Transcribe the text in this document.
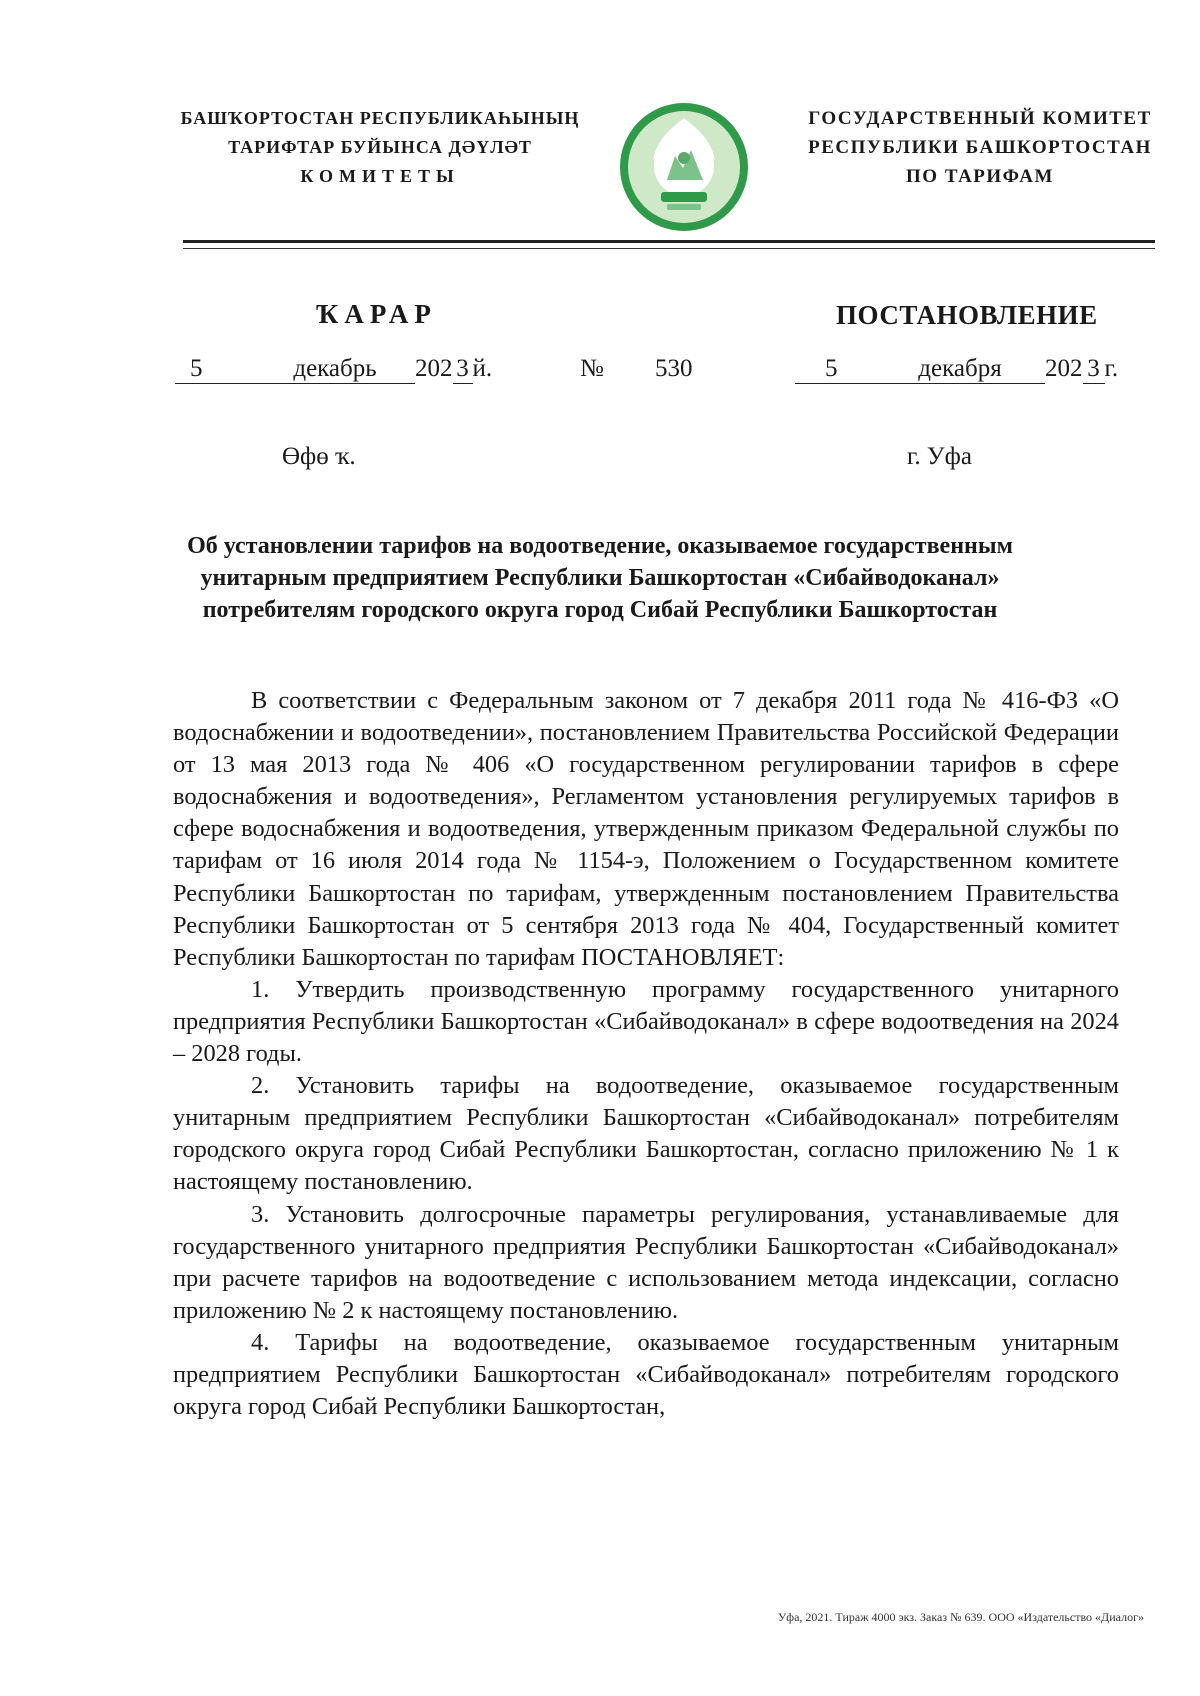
БАШҠОРТОСТАН РЕСПУБЛИКАҺЫНЫҢ
ТАРИФТАР БУЙЫНСА ДӘҮЛӘТ
КОМИТЕТЫ
ГОСУДАРСТВЕННЫЙ КОМИТЕТ
РЕСПУБЛИКИ БАШКОРТОСТАН
ПО ТАРИФАМ
ҠАРАР	ПОСТАНОВЛЕНИЕ
5	декабрь 202 3 й.	№ 530	5	декабря 202 3 г.
Өфө ҡ.	г. Уфа
Об установлении тарифов на водоотведение, оказываемое государственным унитарным предприятием Республики Башкортостан «Сибайводоканал» потребителям городского округа город Сибай Республики Башкортостан

В соответствии с Федеральным законом от 7 декабря 2011 года № 416-ФЗ «О водоснабжении и водоотведении», постановлением Правительства Российской Федерации от 13 мая 2013 года № 406 «О государственном регулировании тарифов в сфере водоснабжения и водоотведения», Регламентом установления регулируемых тарифов в сфере водоснабжения и водоотведения, утвержденным приказом Федеральной службы по тарифам от 16 июля 2014 года № 1154-э, Положением о Государственном комитете Республики Башкортостан по тарифам, утвержденным постановлением Правительства Республики Башкортостан от 5 сентября 2013 года № 404, Государственный комитет Республики Башкортостан по тарифам ПОСТАНОВЛЯЕТ:

1. Утвердить производственную программу государственного унитарного предприятия Республики Башкортостан «Сибайводоканал» в сфере водоотведения на 2024 – 2028 годы.

2. Установить тарифы на водоотведение, оказываемое государственным унитарным предприятием Республики Башкортостан «Сибайводоканал» потребителям городского округа город Сибай Республики Башкортостан, согласно приложению № 1 к настоящему постановлению.

3. Установить долгосрочные параметры регулирования, устанавливаемые для государственного унитарного предприятия Республики Башкортостан «Сибайводоканал» при расчете тарифов на водоотведение с использованием метода индексации, согласно приложению № 2 к настоящему постановлению.

4. Тарифы на водоотведение, оказываемое государственным унитарным предприятием Республики Башкортостан «Сибайводоканал» потребителям городского округа город Сибай Республики Башкортостан,

Уфа, 2021. Тираж 4000 экз. Заказ № 639. ООО «Издательство «Диалог»
